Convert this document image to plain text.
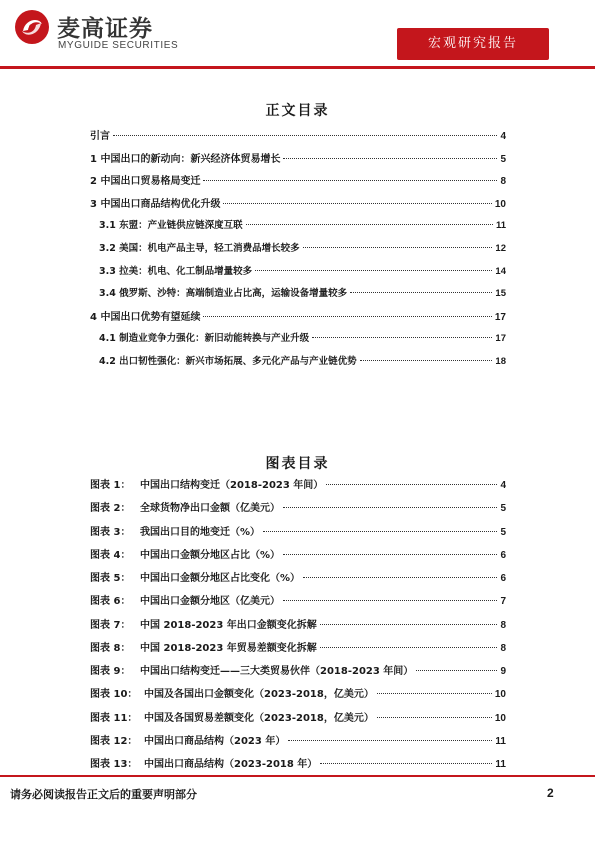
麦高证券
MYGUIDE SECURITIES	宏观研究报告
正文目录
引言	4
1 中国出口的新动向：新兴经济体贸易增长	5
2 中国出口贸易格局变迁	8
3 中国出口商品结构优化升级	10
3.1 东盟：产业链供应链深度互联	11
3.2 美国：机电产品主导，轻工消费品增长较多	12
3.3 拉美：机电、化工制品增量较多	14
3.4 俄罗斯、沙特：高端制造业占比高，运输设备增量较多	15
4 中国出口优势有望延续	17
4.1 制造业竞争力强化：新旧动能转换与产业升级	17
4.2 出口韧性强化：新兴市场拓展、多元化产品与产业链优势	18
图表目录
图表 1： 中国出口结构变迁（2018-2023 年间）	4
图表 2： 全球货物净出口金额（亿美元）	5
图表 3： 我国出口目的地变迁（%）	5
图表 4： 中国出口金额分地区占比（%）	6
图表 5： 中国出口金额分地区占比变化（%）	6
图表 6： 中国出口金额分地区（亿美元）	7
图表 7： 中国 2018-2023 年出口金额变化拆解	8
图表 8： 中国 2018-2023 年贸易差额变化拆解	8
图表 9： 中国出口结构变迁——三大类贸易伙伴（2018-2023 年间）	9
图表 10： 中国及各国出口金额变化（2023-2018，亿美元）	10
图表 11： 中国及各国贸易差额变化（2023-2018，亿美元）	10
图表 12： 中国出口商品结构（2023 年）	11
图表 13： 中国出口商品结构（2023-2018 年）	11
请务必阅读报告正文后的重要声明部分	2
